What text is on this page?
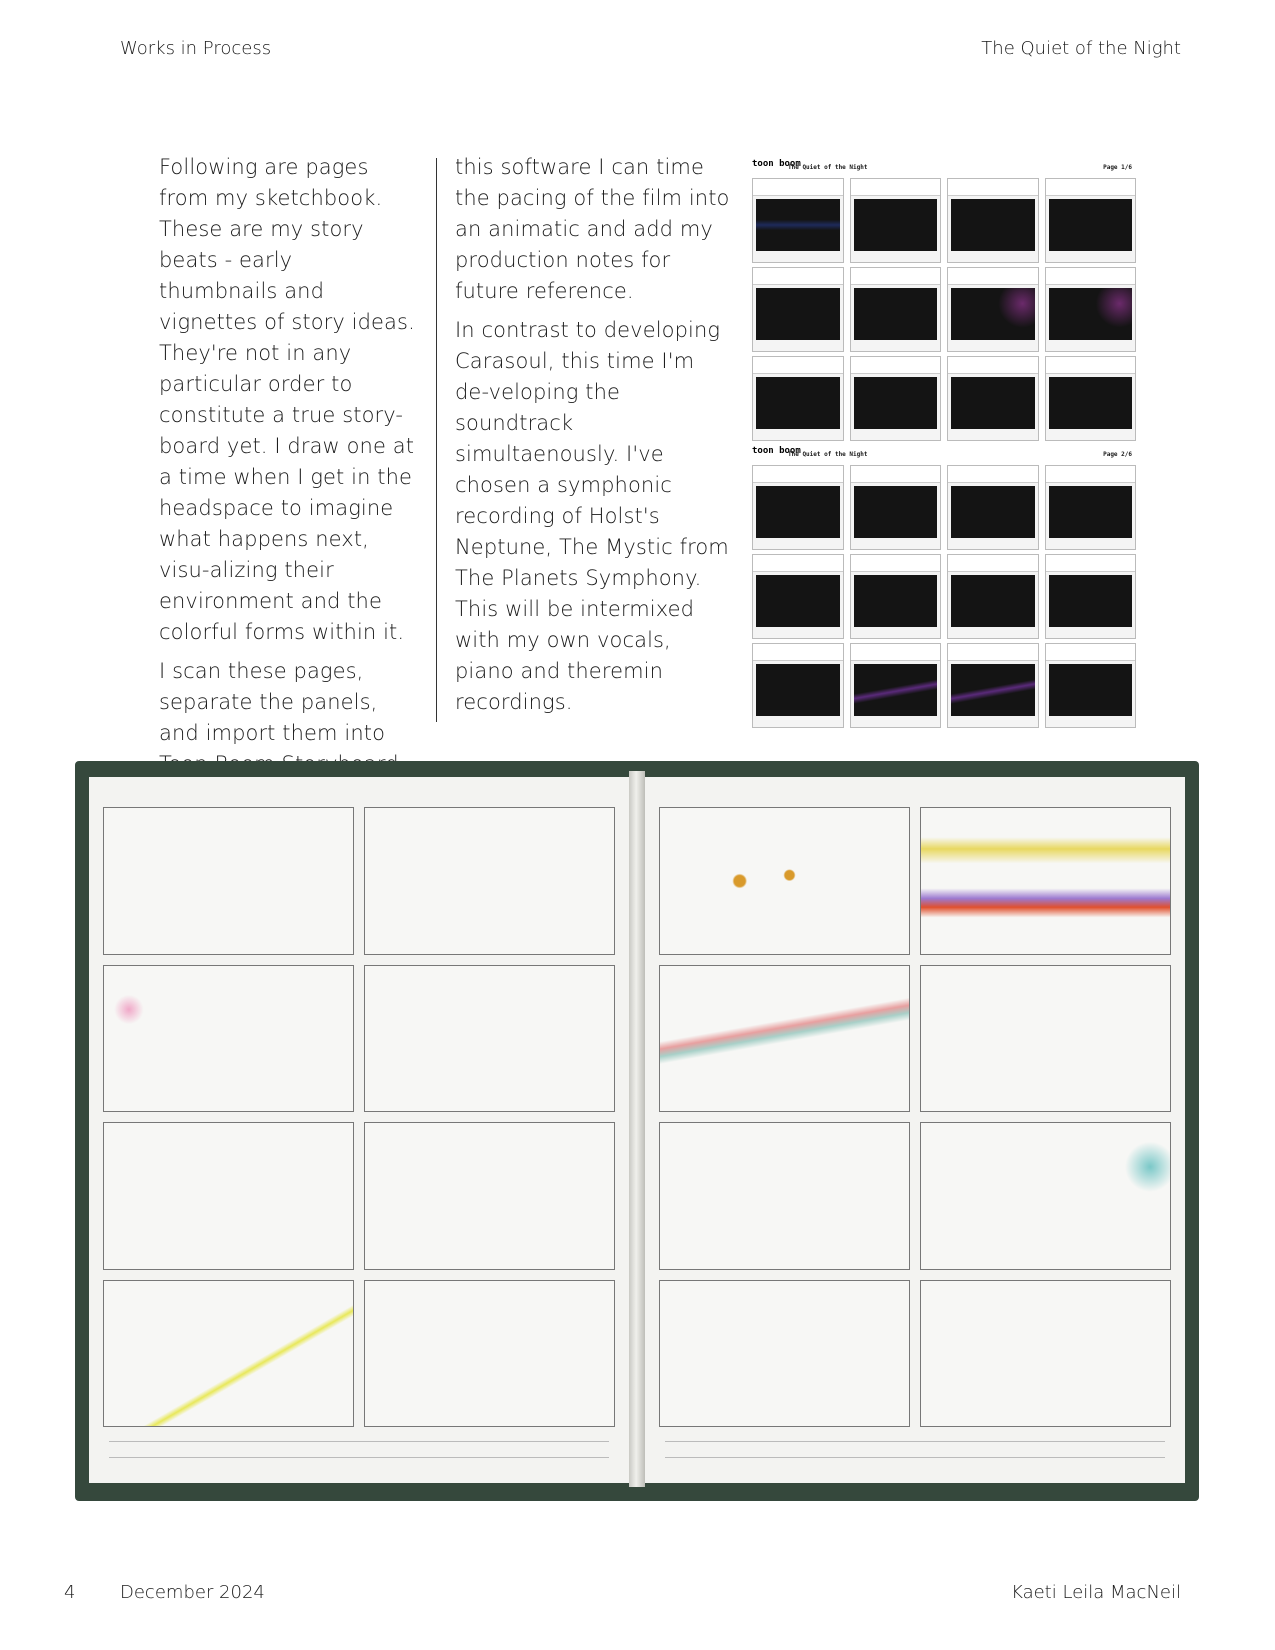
Works in Process	The Quiet of the Night

Following are pages from my sketchbook. These are my story beats - early thumbnails and vignettes of story ideas. They're not in any particular order to constitute a true story-board yet. I draw one at a time when I get in the headspace to imagine what happens next, visu-alizing their environment and the colorful forms within it.

I scan these pages, separate the panels, and import them into

this software I can time the pacing of the film into an animatic and add my production notes for future reference.

In contrast to developing Carasoul, this time I'm de-veloping the soundtrack simultaenously. I've chosen a symphonic recording of Holst's Neptune, The Mystic from The Planets Symphony. This will be intermixed with my own vocals, piano and theremin recordings.

toon boom
The Quiet of the Night	Page 1/6
toon boom
The Quiet of the Night	Page 2/6
4 December 2024	Kaeti Leila MacNeil
